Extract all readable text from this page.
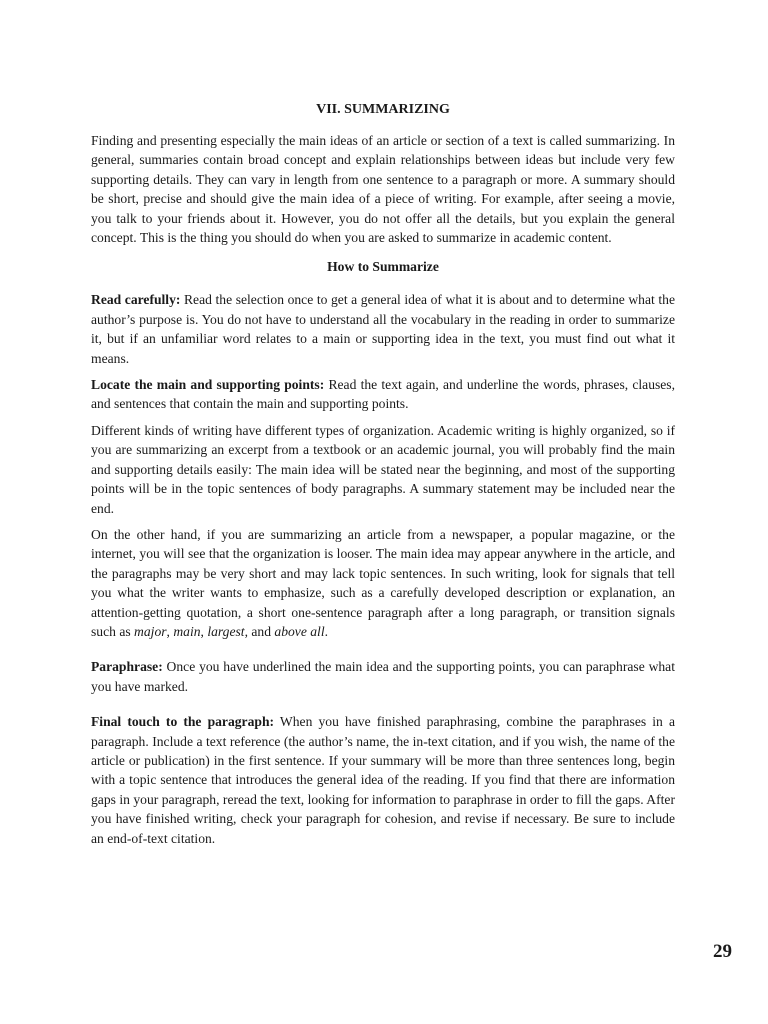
VII. SUMMARIZING

Finding and presenting especially the main ideas of an article or section of a text is called summarizing. In general, summaries contain broad concept and explain relationships between ideas but include very few supporting details. They can vary in length from one sentence to a paragraph or more. A summary should be short, precise and should give the main idea of a piece of writing. For example, after seeing a movie, you talk to your friends about it. However, you do not offer all the details, but you explain the general concept. This is the thing you should do when you are asked to summarize in academic content.

How to Summarize

Read carefully: Read the selection once to get a general idea of what it is about and to determine what the author’s purpose is. You do not have to understand all the vocabulary in the reading in order to summarize it, but if an unfamiliar word relates to a main or supporting idea in the text, you must find out what it means.

Locate the main and supporting points: Read the text again, and underline the words, phrases, clauses, and sentences that contain the main and supporting points.

Different kinds of writing have different types of organization. Academic writing is highly organized, so if you are summarizing an excerpt from a textbook or an academic journal, you will probably find the main and supporting details easily: The main idea will be stated near the beginning, and most of the supporting points will be in the topic sentences of body paragraphs. A summary statement may be included near the end.

On the other hand, if you are summarizing an article from a newspaper, a popular magazine, or the internet, you will see that the organization is looser. The main idea may appear anywhere in the article, and the paragraphs may be very short and may lack topic sentences. In such writing, look for signals that tell you what the writer wants to emphasize, such as a carefully developed description or explanation, an attention-getting quotation, a short one-sentence paragraph after a long paragraph, or transition signals such as major, main, largest, and above all.

Paraphrase: Once you have underlined the main idea and the supporting points, you can paraphrase what you have marked.

Final touch to the paragraph: When you have finished paraphrasing, combine the paraphrases in a paragraph. Include a text reference (the author’s name, the in-text citation, and if you wish, the name of the article or publication) in the first sentence. If your summary will be more than three sentences long, begin with a topic sentence that introduces the general idea of the reading. If you find that there are information gaps in your paragraph, reread the text, looking for information to paraphrase in order to fill the gaps. After you have finished writing, check your paragraph for cohesion, and revise if necessary. Be sure to include an end-of-text citation.

29
